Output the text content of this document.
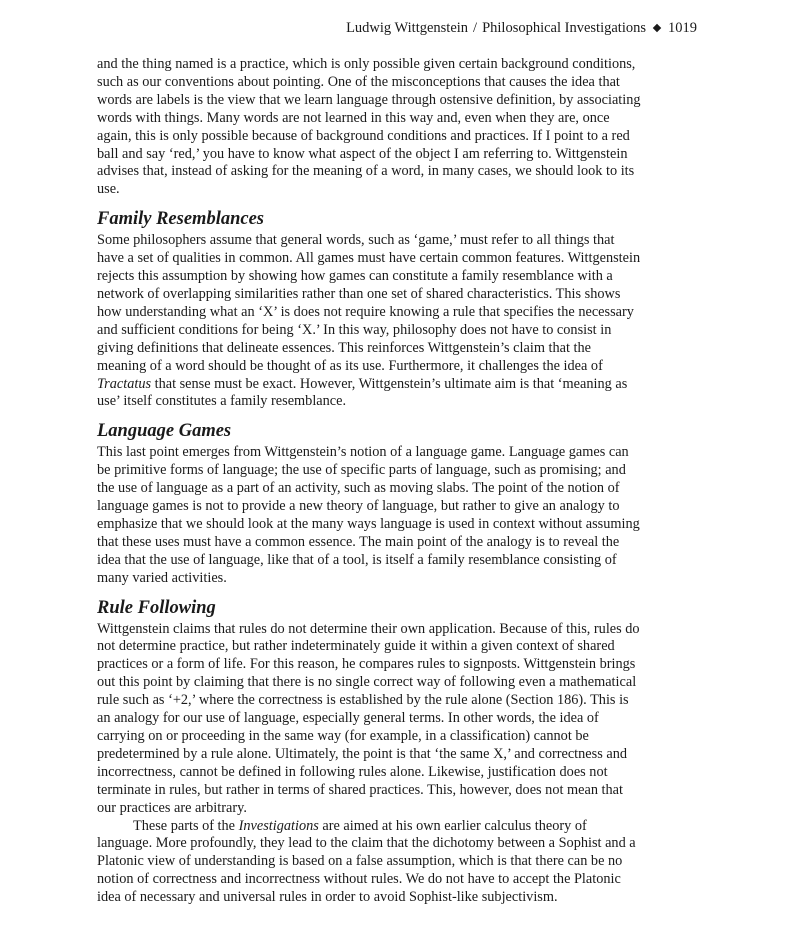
Ludwig Wittgenstein / Philosophical Investigations 1019

and the thing named is a practice, which is only possible given certain background conditions, such as our conventions about pointing. One of the misconceptions that causes the idea that words are labels is the view that we learn language through ostensive definition, by associating words with things. Many words are not learned in this way and, even when they are, once again, this is only possible because of background conditions and practices. If I point to a red ball and say ‘red,’ you have to know what aspect of the object I am referring to. Wittgenstein advises that, instead of asking for the meaning of a word, in many cases, we should look to its use.

Family Resemblances

Some philosophers assume that general words, such as ‘game,’ must refer to all things that have a set of qualities in common. All games must have certain common features. Wittgenstein rejects this assumption by showing how games can constitute a family resemblance with a network of overlapping similarities rather than one set of shared characteristics. This shows how understanding what an ‘X’ is does not require knowing a rule that specifies the necessary and sufficient conditions for being ‘X.’ In this way, philosophy does not have to consist in giving definitions that delineate essences. This reinforces Wittgenstein’s claim that the meaning of a word should be thought of as its use. Furthermore, it challenges the idea of Tractatus that sense must be exact. However, Wittgenstein’s ultimate aim is that ‘meaning as use’ itself constitutes a family resemblance.

Language Games

This last point emerges from Wittgenstein’s notion of a language game. Language games can be primitive forms of language; the use of specific parts of language, such as promising; and the use of language as a part of an activity, such as moving slabs. The point of the notion of language games is not to provide a new theory of language, but rather to give an analogy to emphasize that we should look at the many ways language is used in context without assuming that these uses must have a common essence. The main point of the analogy is to reveal the idea that the use of language, like that of a tool, is itself a family resemblance consisting of many varied activities.

Rule Following

Wittgenstein claims that rules do not determine their own application. Because of this, rules do not determine practice, but rather indeterminately guide it within a given context of shared practices or a form of life. For this reason, he compares rules to signposts. Wittgenstein brings out this point by claiming that there is no single correct way of following even a mathematical rule such as ‘+2,’ where the correctness is established by the rule alone (Section 186). This is an analogy for our use of language, especially general terms. In other words, the idea of carrying on or proceeding in the same way (for example, in a classification) cannot be predetermined by a rule alone. Ultimately, the point is that ‘the same X,’ and correctness and incorrectness, cannot be defined in following rules alone. Likewise, justification does not terminate in rules, but rather in terms of shared practices. This, however, does not mean that our practices are arbitrary.

These parts of the Investigations are aimed at his own earlier calculus theory of language. More profoundly, they lead to the claim that the dichotomy between a Sophist and a Platonic view of understanding is based on a false assumption, which is that there can be no notion of correctness and incorrectness without rules. We do not have to accept the Platonic idea of necessary and universal rules in order to avoid Sophist-like subjectivism.
